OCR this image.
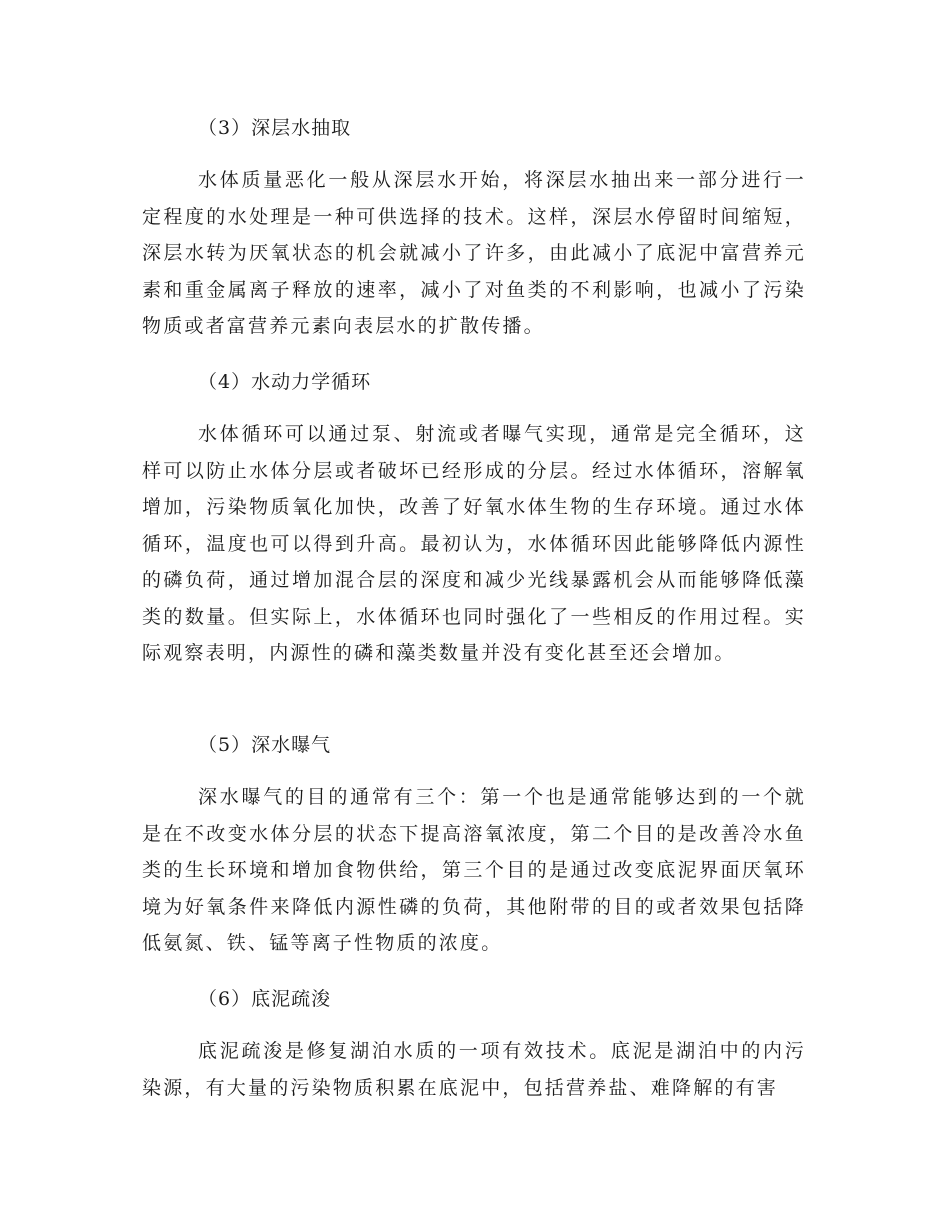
（3）深层水抽取
水体质量恶化一般从深层水开始，将深层水抽出来一部分进行一定程度的水处理是一种可供选择的技术。这样，深层水停留时间缩短，深层水转为厌氧状态的机会就减小了许多，由此减小了底泥中富营养元素和重金属离子释放的速率，减小了对鱼类的不利影响，也减小了污染物质或者富营养元素向表层水的扩散传播。
（4）水动力学循环
水体循环可以通过泵、射流或者曝气实现，通常是完全循环，这样可以防止水体分层或者破坏已经形成的分层。经过水体循环，溶解氧增加，污染物质氧化加快，改善了好氧水体生物的生存环境。通过水体循环，温度也可以得到升高。最初认为，水体循环因此能够降低内源性的磷负荷，通过增加混合层的深度和减少光线暴露机会从而能够降低藻类的数量。但实际上，水体循环也同时强化了一些相反的作用过程。实际观察表明，内源性的磷和藻类数量并没有变化甚至还会增加。
（5）深水曝气
深水曝气的目的通常有三个：第一个也是通常能够达到的一个就是在不改变水体分层的状态下提高溶氧浓度，第二个目的是改善冷水鱼类的生长环境和增加食物供给，第三个目的是通过改变底泥界面厌氧环境为好氧条件来降低内源性磷的负荷，其他附带的目的或者效果包括降低氨氮、铁、锰等离子性物质的浓度。
（6）底泥疏浚
底泥疏浚是修复湖泊水质的一项有效技术。底泥是湖泊中的内污染源，有大量的污染物质积累在底泥中，包括营养盐、难降解的有害
